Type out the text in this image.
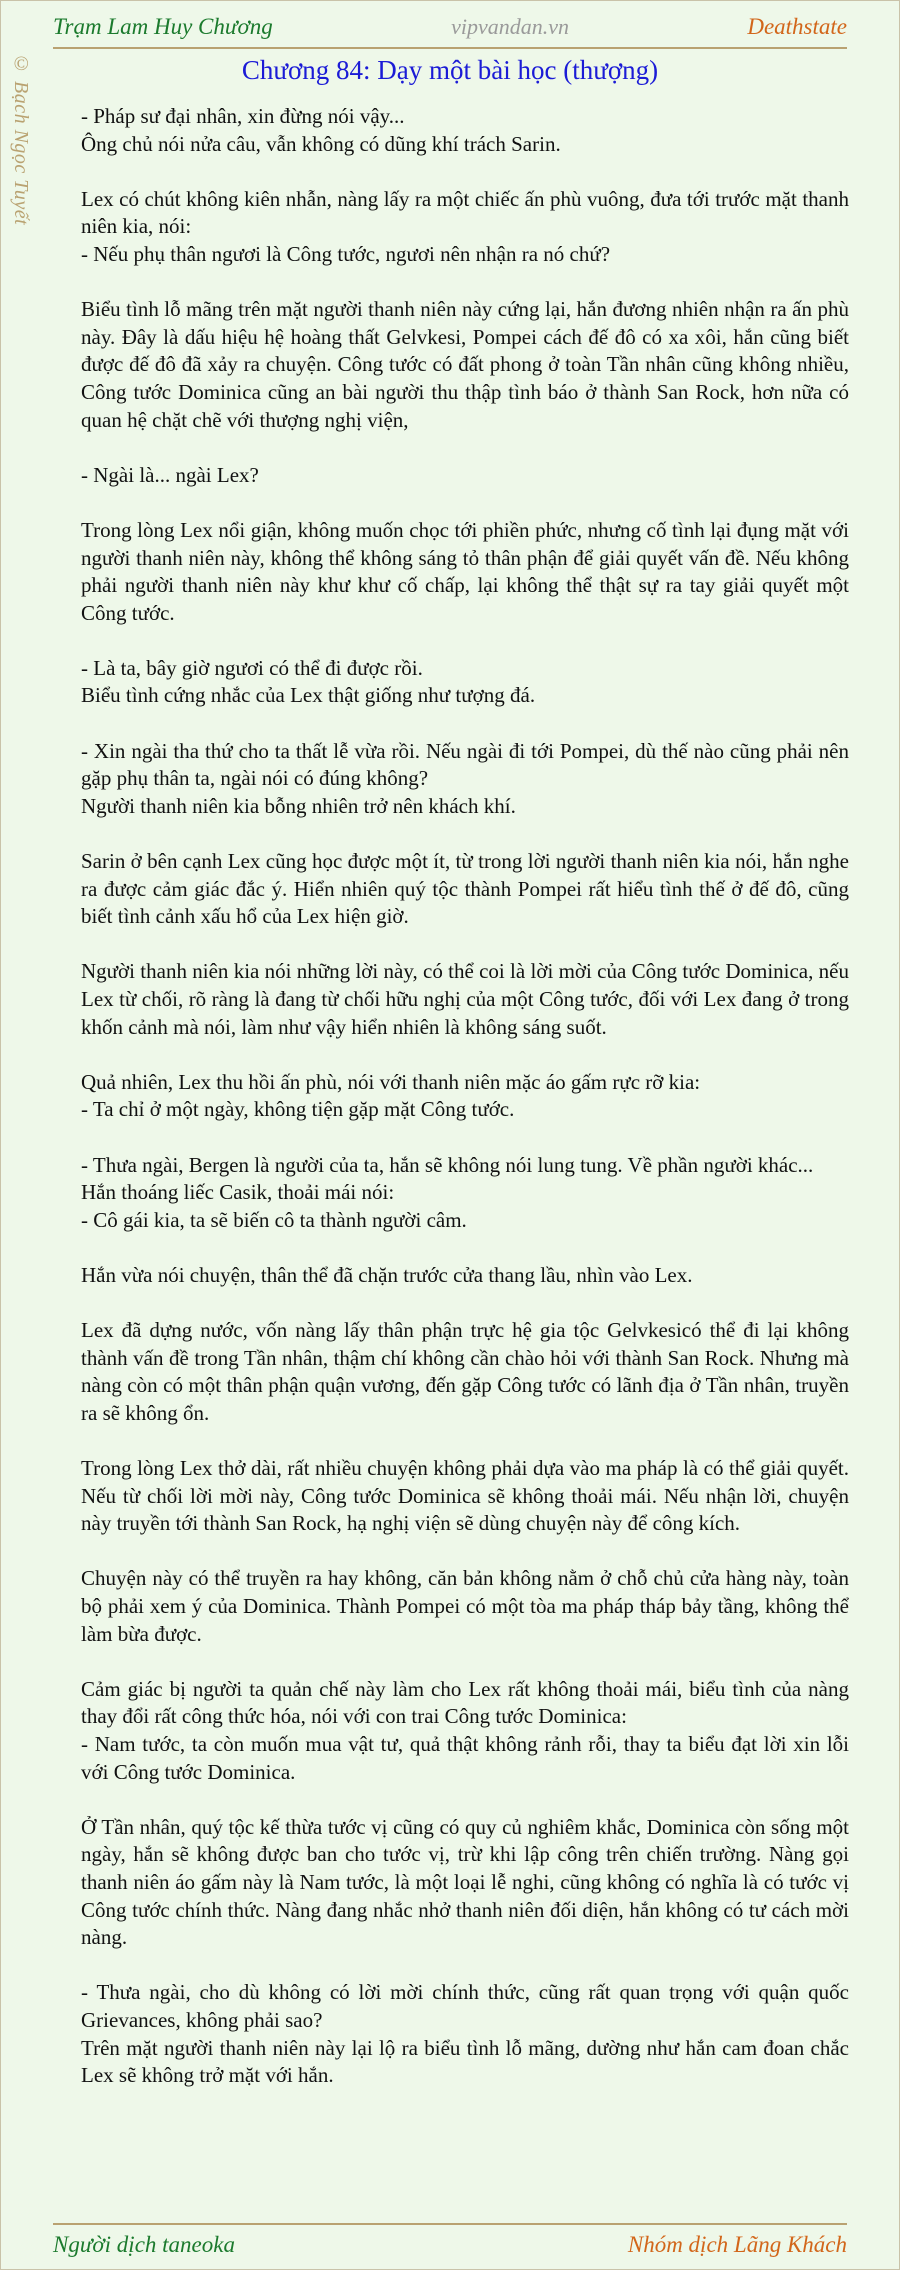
Trạm Lam Huy Chương	vipvandan.vn	Deathstate
© Bạch Ngọc Tuyết	Chương 84: Dạy một bài học (thượng)

- Pháp sư đại nhân, xin đừng nói vậy...

Ông chủ nói nửa câu, vẫn không có dũng khí trách Sarin.

Lex có chút không kiên nhẫn, nàng lấy ra một chiếc ấn phù vuông, đưa tới trước mặt thanh niên kia, nói:

- Nếu phụ thân ngươi là Công tước, ngươi nên nhận ra nó chứ?

Biểu tình lỗ mãng trên mặt người thanh niên này cứng lại, hắn đương nhiên nhận ra ấn phù này. Đây là dấu hiệu hệ hoàng thất Gelvkesi, Pompei cách đế đô có xa xôi, hắn cũng biết được đế đô đã xảy ra chuyện. Công tước có đất phong ở toàn Tần nhân cũng không nhiều, Công tước Dominica cũng an bài người thu thập tình báo ở thành San Rock, hơn nữa có quan hệ chặt chẽ với thượng nghị viện,

- Ngài là... ngài Lex?

Trong lòng Lex nổi giận, không muốn chọc tới phiền phức, nhưng cố tình lại đụng mặt với người thanh niên này, không thể không sáng tỏ thân phận để giải quyết vấn đề. Nếu không phải người thanh niên này khư khư cố chấp, lại không thể thật sự ra tay giải quyết một Công tước.

- Là ta, bây giờ ngươi có thể đi được rồi.

Biểu tình cứng nhắc của Lex thật giống như tượng đá.

- Xin ngài tha thứ cho ta thất lễ vừa rồi. Nếu ngài đi tới Pompei, dù thế nào cũng phải nên gặp phụ thân ta, ngài nói có đúng không?

Người thanh niên kia bỗng nhiên trở nên khách khí.

Sarin ở bên cạnh Lex cũng học được một ít, từ trong lời người thanh niên kia nói, hắn nghe ra được cảm giác đắc ý. Hiển nhiên quý tộc thành Pompei rất hiểu tình thế ở đế đô, cũng biết tình cảnh xấu hổ của Lex hiện giờ.

Người thanh niên kia nói những lời này, có thể coi là lời mời của Công tước Dominica, nếu Lex từ chối, rõ ràng là đang từ chối hữu nghị của một Công tước, đối với Lex đang ở trong khốn cảnh mà nói, làm như vậy hiển nhiên là không sáng suốt.

Quả nhiên, Lex thu hồi ấn phù, nói với thanh niên mặc áo gấm rực rỡ kia:

- Ta chỉ ở một ngày, không tiện gặp mặt Công tước.

- Thưa ngài, Bergen là người của ta, hắn sẽ không nói lung tung. Về phần người khác...

Hắn thoáng liếc Casik, thoải mái nói:

- Cô gái kia, ta sẽ biến cô ta thành người câm.

Hắn vừa nói chuyện, thân thể đã chặn trước cửa thang lầu, nhìn vào Lex.

Lex đã dựng nước, vốn nàng lấy thân phận trực hệ gia tộc Gelvkesicó thể đi lại không thành vấn đề trong Tần nhân, thậm chí không cần chào hỏi với thành San Rock. Nhưng mà nàng còn có một thân phận quận vương, đến gặp Công tước có lãnh địa ở Tần nhân, truyền ra sẽ không ổn.

Trong lòng Lex thở dài, rất nhiều chuyện không phải dựa vào ma pháp là có thể giải quyết. Nếu từ chối lời mời này, Công tước Dominica sẽ không thoải mái. Nếu nhận lời, chuyện này truyền tới thành San Rock, hạ nghị viện sẽ dùng chuyện này để công kích.

Chuyện này có thể truyền ra hay không, căn bản không nằm ở chỗ chủ cửa hàng này, toàn bộ phải xem ý của Dominica. Thành Pompei có một tòa ma pháp tháp bảy tầng, không thể làm bừa được.

Cảm giác bị người ta quản chế này làm cho Lex rất không thoải mái, biểu tình của nàng thay đổi rất công thức hóa, nói với con trai Công tước Dominica:

- Nam tước, ta còn muốn mua vật tư, quả thật không rảnh rỗi, thay ta biểu đạt lời xin lỗi với Công tước Dominica.

Ở Tần nhân, quý tộc kế thừa tước vị cũng có quy củ nghiêm khắc, Dominica còn sống một ngày, hắn sẽ không được ban cho tước vị, trừ khi lập công trên chiến trường. Nàng gọi thanh niên áo gấm này là Nam tước, là một loại lễ nghi, cũng không có nghĩa là có tước vị Công tước chính thức. Nàng đang nhắc nhở thanh niên đối diện, hắn không có tư cách mời nàng.

- Thưa ngài, cho dù không có lời mời chính thức, cũng rất quan trọng với quận quốc Grievances, không phải sao?

Trên mặt người thanh niên này lại lộ ra biểu tình lỗ mãng, dường như hắn cam đoan chắc Lex sẽ không trở mặt với hắn.

Người dịch taneoka	Nhóm dịch Lãng Khách
